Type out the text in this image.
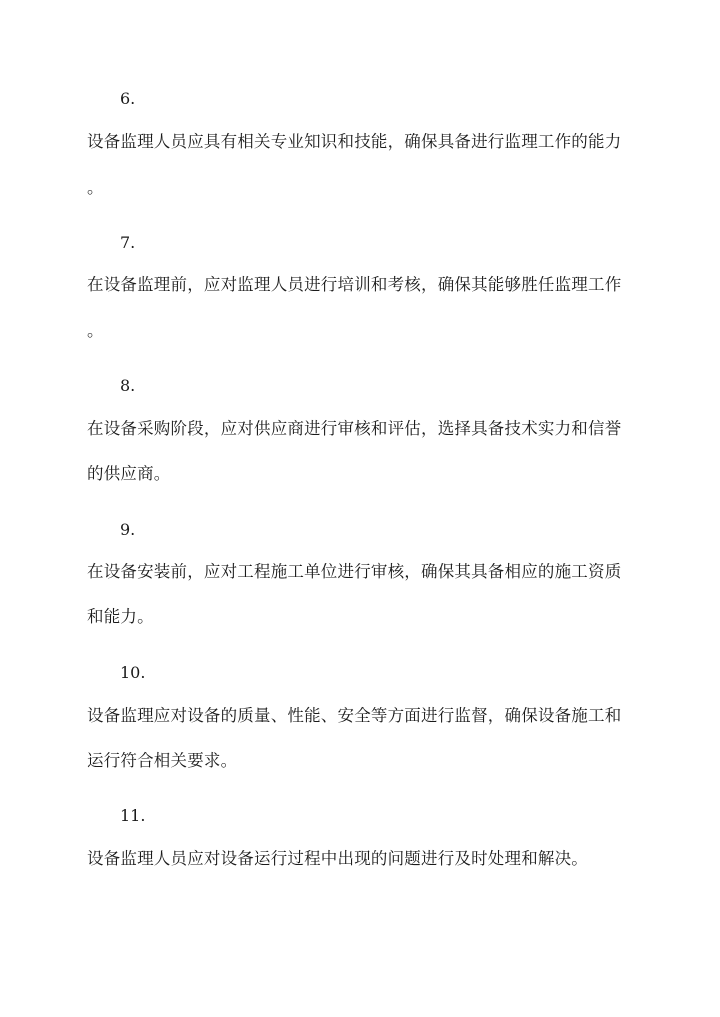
6.
设备监理人员应具有相关专业知识和技能，确保具备进行监理工作的能力
。
7.
在设备监理前，应对监理人员进行培训和考核，确保其能够胜任监理工作
。
8.
在设备采购阶段，应对供应商进行审核和评估，选择具备技术实力和信誉
的供应商。
9.
在设备安装前，应对工程施工单位进行审核，确保其具备相应的施工资质
和能力。
10.
设备监理应对设备的质量、性能、安全等方面进行监督，确保设备施工和
运行符合相关要求。
11.
设备监理人员应对设备运行过程中出现的问题进行及时处理和解决。
